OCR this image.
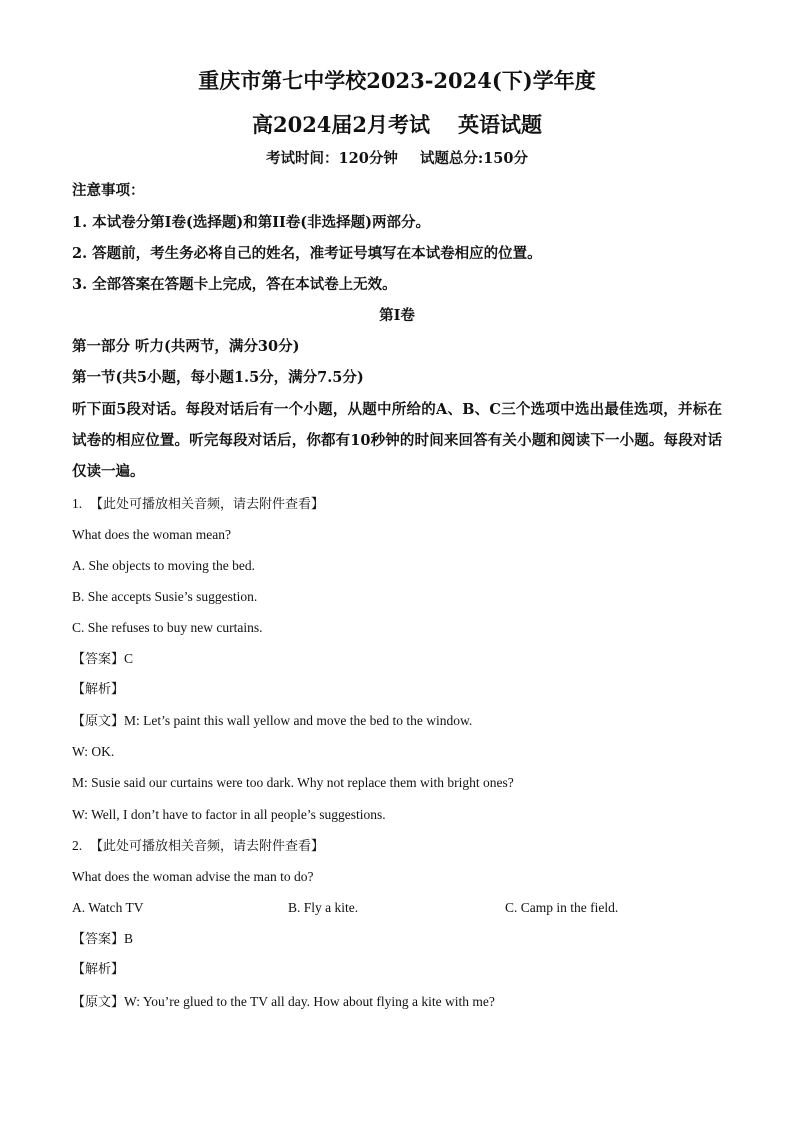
重庆市第七中学校2023-2024(下)学年度
高2024届2月考试 英语试题
考试时间：120分钟 试题总分:150分
注意事项：
1. 本试卷分第I卷(选择题)和第II卷(非选择题)两部分。
2. 答题前，考生务必将自己的姓名，准考证号填写在本试卷相应的位置。
3. 全部答案在答题卡上完成，答在本试卷上无效。
第I卷
第一部分 听力(共两节，满分30分)
第一节(共5小题，每小题1.5分，满分7.5分)
听下面5段对话。每段对话后有一个小题，从题中所给的A、B、C三个选项中选出最佳选项，并标在试卷的相应位置。听完每段对话后，你都有10秒钟的时间来回答有关小题和阅读下一小题。每段对话仅读一遍。
1. 【此处可播放相关音频，请去附件查看】
What does the woman mean?
A. She objects to moving the bed.
B. She accepts Susie’s suggestion.
C. She refuses to buy new curtains.
【答案】C
【解析】
【原文】M: Let’s paint this wall yellow and move the bed to the window.
W: OK.
M: Susie said our curtains were too dark. Why not replace them with bright ones?
W: Well, I don’t have to factor in all people’s suggestions.
2. 【此处可播放相关音频，请去附件查看】
What does the woman advise the man to do?
A. Watch TV	B. Fly a kite.	C. Camp in the field.
【答案】B
【解析】
【原文】W: You’re glued to the TV all day. How about flying a kite with me?
